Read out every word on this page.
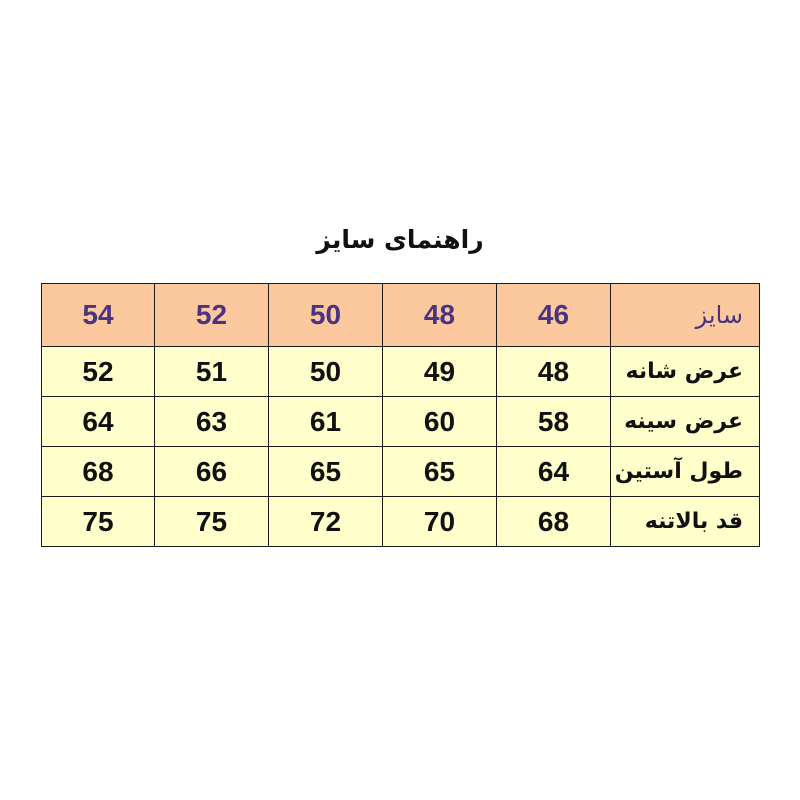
راهنمای سایز
سایز	46	48	50	52	54
عرض شانه	48	49	50	51	52
عرض سینه	58	60	61	63	64
طول آستین	64	65	65	66	68
قد بالاتنه	68	70	72	75	75
